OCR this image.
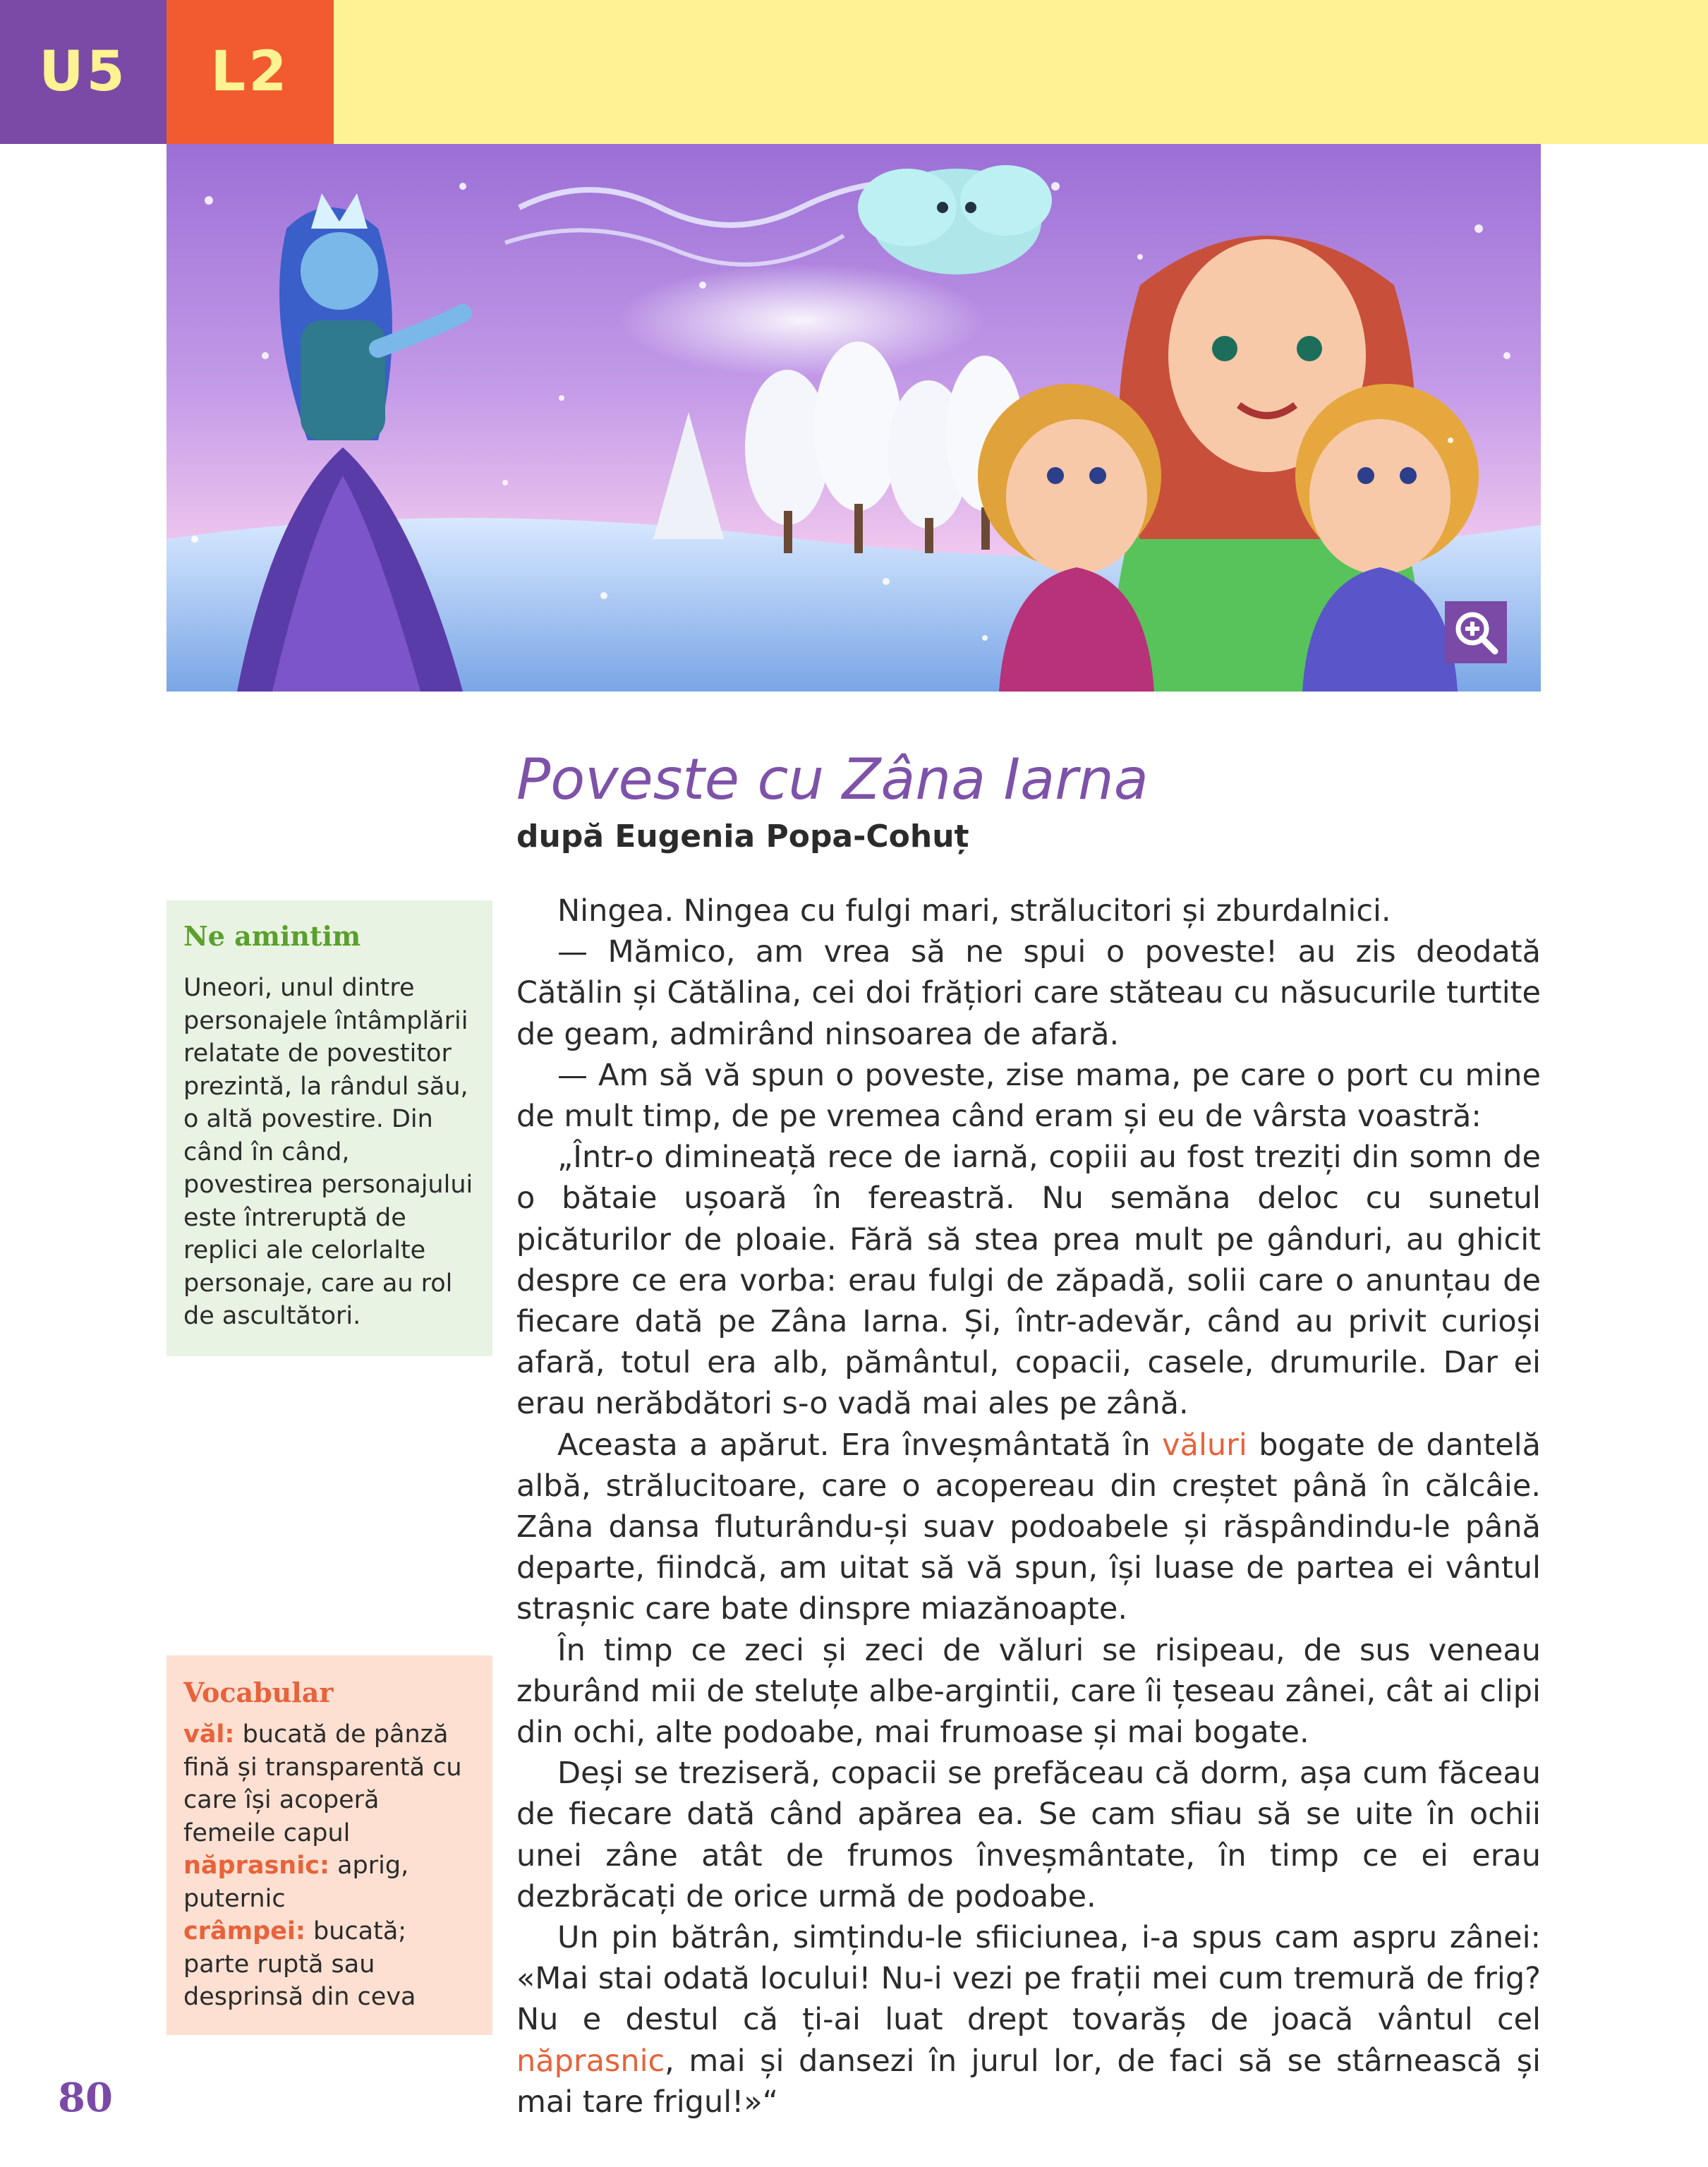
U5 L2
Poveste cu Zâna Iarna
după Eugenia Popa-Cohuț
Ne amintim
Uneori, unul dintre personajele întâmplării relatate de povestitor prezintă, la rândul său, o altă povestire. Din când în când, povestirea personajului este întreruptă de replici ale celorlalte personaje, care au rol de ascultători.
Vocabular
văl: bucată de pânză fină și transparentă cu care își acoperă femeile capul
năprasnic: aprig, puternic
crâmpei: bucată; parte ruptă sau desprinsă din ceva

Ningea. Ningea cu fulgi mari, strălucitori și zburdalnici.

— Mămico, am vrea să ne spui o poveste! au zis deodată Cătălin și Cătălina, cei doi frățiori care stăteau cu năsucurile turtite de geam, admirând ninsoarea de afară.

— Am să vă spun o poveste, zise mama, pe care o port cu mine de mult timp, de pe vremea când eram și eu de vârsta voastră:

„Într-o dimineață rece de iarnă, copiii au fost treziți din somn de o bătaie ușoară în fereastră. Nu semăna deloc cu sunetul picăturilor de ploaie. Fără să stea prea mult pe gânduri, au ghicit despre ce era vorba: erau fulgi de zăpadă, solii care o anunțau de fiecare dată pe Zâna Iarna. Și, într-adevăr, când au privit curioși afară, totul era alb, pământul, copacii, casele, drumurile. Dar ei erau nerăbdători s-o vadă mai ales pe zână.

Aceasta a apărut. Era înveșmântată în văluri bogate de dantelă albă, strălucitoare, care o acopereau din creștet până în călcâie. Zâna dansa fluturându-și suav podoabele și răspândindu-le până departe, fiindcă, am uitat să vă spun, își luase de partea ei vântul strașnic care bate dinspre miazănoapte.

În timp ce zeci și zeci de văluri se risipeau, de sus veneau zburând mii de steluțe albe-argintii, care îi țeseau zânei, cât ai clipi din ochi, alte podoabe, mai frumoase și mai bogate.

Deși se treziseră, copacii se prefăceau că dorm, așa cum făceau de fiecare dată când apărea ea. Se cam sfiau să se uite în ochii unei zâne atât de frumos înveșmântate, în timp ce ei erau dezbrăcați de orice urmă de podoabe.

Un pin bătrân, simțindu-le sfiiciunea, i-a spus cam aspru zânei: «Mai stai odată locului! Nu-i vezi pe frații mei cum tremură de frig? Nu e destul că ți-ai luat drept tovarăș de joacă vântul cel năprasnic, mai și dansezi în jurul lor, de faci să se stârnească și mai tare frigul!»“

80
